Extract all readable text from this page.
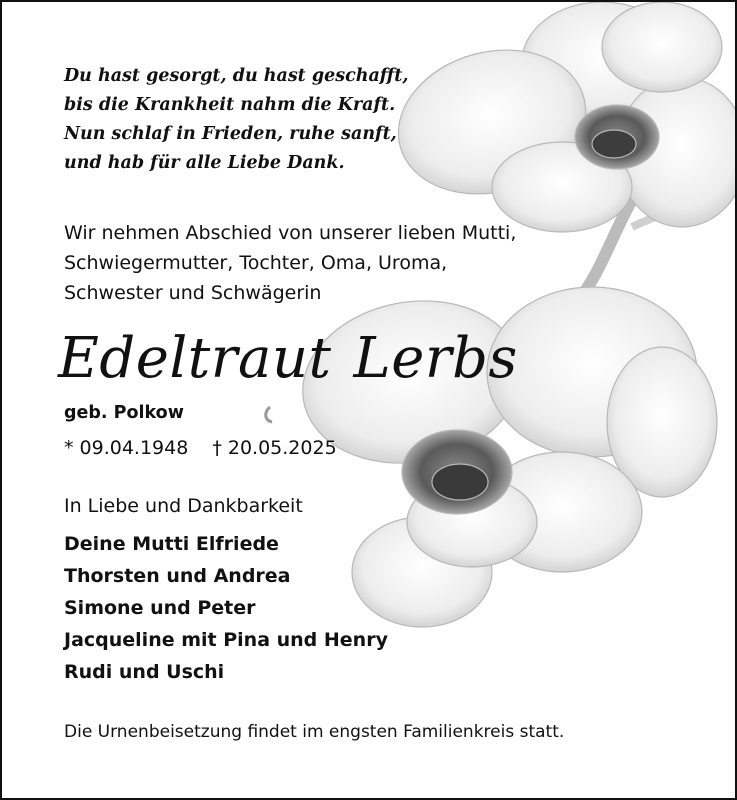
Du hast gesorgt, du hast geschafft,
bis die Krankheit nahm die Kraft.
Nun schlaf in Frieden, ruhe sanft,
und hab für alle Liebe Dank.
Wir nehmen Abschied von unserer lieben Mutti,
Schwiegermutter, Tochter, Oma, Uroma,
Schwester und Schwägerin
Edeltraut Lerbs
geb. Polkow
* 09.04.1948 † 20.05.2025
In Liebe und Dankbarkeit
Deine Mutti Elfriede
Thorsten und Andrea
Simone und Peter
Jacqueline mit Pina und Henry
Rudi und Uschi
Die Urnenbeisetzung findet im engsten Familienkreis statt.
